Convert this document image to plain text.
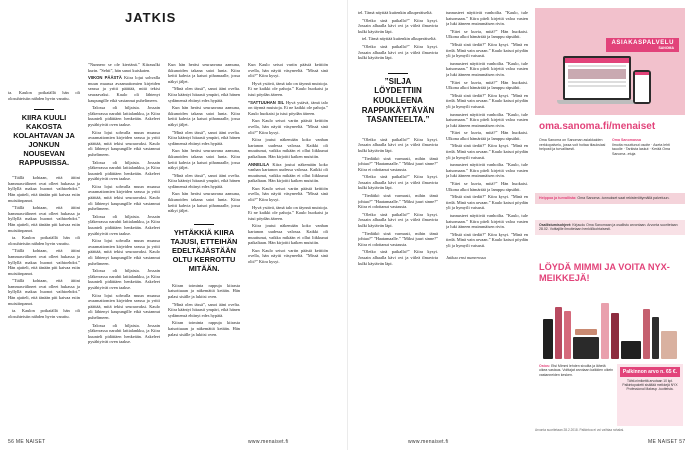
JATKIS

ta. Kaulon poikaiällä hän oli olosuhteisiin nähden hyvin varattu.

KIIRA KUULI KAKOSTA KOLAHTAVAN JA JONKUN NOUSEVAN RAPPUSISSA.

”Tiällä kohtaan, että äitini hammasvälineet ovat olleet hukassa ja hyllyllä makaa huonot vaihtoehdot.” Hän ajatteli, että tänään piti kaivaa esiin muistiinpanot.

”Tiällä kohtaan, että äitini hammasvälineet ovat olleet hukassa ja hyllyllä makaa huonot vaihtoehdot.” Hän ajatteli, että tänään piti kaivaa esiin muistiinpanot.

ta. Kaulon poikaiällä hän oli olosuhteisiin nähden hyvin varattu.

”Tiällä kohtaan, että äitini hammasvälineet ovat olleet hukassa ja hyllyllä makaa huonot vaihtoehdot.” Hän ajatteli, että tänään piti kaivaa esiin muistiinpanot.

”Tiällä kohtaan, että äitini hammasvälineet ovat olleet hukassa ja hyllyllä makaa huonot vaihtoehdot.” Hän ajatteli, että tänään piti kaivaa esiin muistiinpanot.

ta. Kaulon poikaiällä hän oli olosuhteisiin nähden hyvin varattu.

”Nunnero se ole kiertänä.” Kiirasulki kurin. ”Sehti”, hän sanoi kuiskaten.

VIIKON PÄÄSTÄ Kiira lojui sohvalla muun muassa avaamattomien kirjeiden seassa ja yritti päättää, mitä tekisi seuraavaksi. Kaulo oli lähtenyt kaupungille eikä vastannut puhelimeen.

Talossa oli hiljaista. Jossain yläkerrassa narahti lattialankku, ja Kiira kuunteli pidättäen henkeään. Askeleet pysähtyivät oven taakse.

Kiira lojui sohvalla muun muassa avaamattomien kirjeiden seassa ja yritti päättää, mitä tekisi seuraavaksi. Kaulo oli lähtenyt kaupungille eikä vastannut puhelimeen.

Talossa oli hiljaista. Jossain yläkerrassa narahti lattialankku, ja Kiira kuunteli pidättäen henkeään. Askeleet pysähtyivät oven taakse.

Kiira lojui sohvalla muun muassa avaamattomien kirjeiden seassa ja yritti päättää, mitä tekisi seuraavaksi. Kaulo oli lähtenyt kaupungille eikä vastannut puhelimeen.

Talossa oli hiljaista. Jossain yläkerrassa narahti lattialankku, ja Kiira kuunteli pidättäen henkeään. Askeleet pysähtyivät oven taakse.

Kiira lojui sohvalla muun muassa avaamattomien kirjeiden seassa ja yritti päättää, mitä tekisi seuraavaksi. Kaulo oli lähtenyt kaupungille eikä vastannut puhelimeen.

Talossa oli hiljaista. Jossain yläkerrassa narahti lattialankku, ja Kiira kuunteli pidättäen henkeään. Askeleet pysähtyivät oven taakse.

Kiira lojui sohvalla muun muassa avaamattomien kirjeiden seassa ja yritti päättää, mitä tekisi seuraavaksi. Kaulo oli lähtenyt kaupungille eikä vastannut puhelimeen.

Talossa oli hiljaista. Jossain yläkerrassa narahti lattialankku, ja Kiira kuunteli pidättäen henkeään. Askeleet pysähtyivät oven taakse.

Kun hän heräsi seuraavana aamuna, ikkunoiden takana satoi lunta. Kiira keitti kahvia ja katsoi pihamaalle, jossa näkyi jäljet.

”Minä olen tässä”, sanoi ääni ovelta. Kiira kääntyi hitaasti ympäri, eikä hänen sydämensä ehtinyt edes hypätä.

Kun hän heräsi seuraavana aamuna, ikkunoiden takana satoi lunta. Kiira keitti kahvia ja katsoi pihamaalle, jossa näkyi jäljet.

”Minä olen tässä”, sanoi ääni ovelta. Kiira kääntyi hitaasti ympäri, eikä hänen sydämensä ehtinyt edes hypätä.

Kun hän heräsi seuraavana aamuna, ikkunoiden takana satoi lunta. Kiira keitti kahvia ja katsoi pihamaalle, jossa näkyi jäljet.

”Minä olen tässä”, sanoi ääni ovelta. Kiira kääntyi hitaasti ympäri, eikä hänen sydämensä ehtinyt edes hypätä.

Kun hän heräsi seuraavana aamuna, ikkunoiden takana satoi lunta. Kiira keitti kahvia ja katsoi pihamaalle, jossa näkyi jäljet.

YHTÄKKIÄ KIIRA TAJUSI, ETTEIHÄN EDELTÄJÄSTÄÄN OLTU KERROTTU MITÄÄN.

Kiiran toiminta rappuja kiirasta katsottuaan ja näkemättä ketään. Hän palasi sisälle ja lukitsi oven.

”Minä olen tässä”, sanoi ääni ovelta. Kiira kääntyi hitaasti ympäri, eikä hänen sydämensä ehtinyt edes hypätä.

Kiiran toiminta rappuja kiirasta katsottuaan ja näkemättä ketään. Hän palasi sisälle ja lukitsi oven.

Kun Kaulo seisoi vartin päästä keittiön ovella, hän näytti väsyneeltä. ”Missä sinä olit?” Kiira kysyi.

Hyvä ystävä, tämä talo on täynnä muistoja. Ei ne kaikki ole pahoja.” Kaulo huokaisi ja istui pöydän ääreen.

”SATTUUHAN SIL Hyvä ystävä, tämä talo on täynnä muistoja. Ei ne kaikki ole pahoja.” Kaulo huokaisi ja istui pöydän ääreen.

Kun Kaulo seisoi vartin päästä keittiön ovella, hän näytti väsyneeltä. ”Missä sinä olit?” Kiira kysyi.

Kiira joutui näkemään koko vanhan kartanon uudessa valossa. Kaikki oli muuttunut, vaikka mikään ei ollut liikkunut paikaltaan. Hän kirjoitti kaiken muistiin.

ANNELILA Kiira joutui näkemään koko vanhan kartanon uudessa valossa. Kaikki oli muuttunut, vaikka mikään ei ollut liikkunut paikaltaan. Hän kirjoitti kaiken muistiin.

Kun Kaulo seisoi vartin päästä keittiön ovella, hän näytti väsyneeltä. ”Missä sinä olit?” Kiira kysyi.

Hyvä ystävä, tämä talo on täynnä muistoja. Ei ne kaikki ole pahoja.” Kaulo huokaisi ja istui pöydän ääreen.

Kiira joutui näkemään koko vanhan kartanon uudessa valossa. Kaikki oli muuttunut, vaikka mikään ei ollut liikkunut paikaltaan. Hän kirjoitti kaiken muistiin.

Kun Kaulo seisoi vartin päästä keittiön ovella, hän näytti väsyneeltä. ”Missä sinä olit?” Kiira kysyi.

56 ME NAISET	www.menaiset.fi

tel. Tämä näyttää kuitenkin alkuperäiseltä.

”Oletko sinä paikalla?” Kiira kysyi. Jossain alhaalla kävi ovi ja viileä ilmavirta kulki käytävän läpi.

tel. Tämä näyttää kuitenkin alkuperäiseltä.

”Oletko sinä paikalla?” Kiira kysyi. Jossain alhaalla kävi ovi ja viileä ilmavirta kulki käytävän läpi.

”SILJA LÖYDETTIIN KUOLLEENA RAPPUKÄYTÄVÄN TASANTEELTA.”

”Oletko sinä paikalla?” Kiira kysyi. Jossain alhaalla kävi ovi ja viileä ilmavirta kulki käytävän läpi.

”Tiedätkö sinä varmasti, mihin tämä johtaa?” ”Haatamaalle.” ”Miksi juuri sinne?” Kiira ei odottanut vastausta.

”Oletko sinä paikalla?” Kiira kysyi. Jossain alhaalla kävi ovi ja viileä ilmavirta kulki käytävän läpi.

”Tiedätkö sinä varmasti, mihin tämä johtaa?” ”Haatamaalle.” ”Miksi juuri sinne?” Kiira ei odottanut vastausta.

”Oletko sinä paikalla?” Kiira kysyi. Jossain alhaalla kävi ovi ja viileä ilmavirta kulki käytävän läpi.

”Tiedätkö sinä varmasti, mihin tämä johtaa?” ”Haatamaalle.” ”Miksi juuri sinne?” Kiira ei odottanut vastausta.

”Oletko sinä paikalla?” Kiira kysyi. Jossain alhaalla kävi ovi ja viileä ilmavirta kulki käytävän läpi.

tunnusteet näyttivät vanhoilta. ”Kaulo, tule katsomaan.” Kiira piteli kirjettä valoa vasten ja luki ääneen ensimmäisen rivin.

”Ettei se kuvia, mitä?” Hän huokaisi. Ulkona alkoi hämärtää ja lamppu räpsähti.

”Mistä sinä tiedät?” Kiira kysyi. ”Minä en tiedä. Minä vain arvaan.” Kaulo katsoi pöydän yli ja hymyili vaisusti.

tunnusteet näyttivät vanhoilta. ”Kaulo, tule katsomaan.” Kiira piteli kirjettä valoa vasten ja luki ääneen ensimmäisen rivin.

”Ettei se kuvia, mitä?” Hän huokaisi. Ulkona alkoi hämärtää ja lamppu räpsähti.

”Mistä sinä tiedät?” Kiira kysyi. ”Minä en tiedä. Minä vain arvaan.” Kaulo katsoi pöydän yli ja hymyili vaisusti.

tunnusteet näyttivät vanhoilta. ”Kaulo, tule katsomaan.” Kiira piteli kirjettä valoa vasten ja luki ääneen ensimmäisen rivin.

”Ettei se kuvia, mitä?” Hän huokaisi. Ulkona alkoi hämärtää ja lamppu räpsähti.

”Mistä sinä tiedät?” Kiira kysyi. ”Minä en tiedä. Minä vain arvaan.” Kaulo katsoi pöydän yli ja hymyili vaisusti.

tunnusteet näyttivät vanhoilta. ”Kaulo, tule katsomaan.” Kiira piteli kirjettä valoa vasten ja luki ääneen ensimmäisen rivin.

”Ettei se kuvia, mitä?” Hän huokaisi. Ulkona alkoi hämärtää ja lamppu räpsähti.

”Mistä sinä tiedät?” Kiira kysyi. ”Minä en tiedä. Minä vain arvaan.” Kaulo katsoi pöydän yli ja hymyili vaisusti.

tunnusteet näyttivät vanhoilta. ”Kaulo, tule katsomaan.” Kiira piteli kirjettä valoa vasten ja luki ääneen ensimmäisen rivin.

”Mistä sinä tiedät?” Kiira kysyi. ”Minä en tiedä. Minä vain arvaan.” Kaulo katsoi pöydän yli ja hymyili vaisusti.

Jatkuu ensi numerossa

www.menaiset.fi	ME NAISET 57
ASIAKASPALVELU
SANOMA
oma.sanoma.fi/menaiset
Oma Sanoma on Sanoman asiakkaiden verkkopalvelu, jossa voit hoitaa tilauksiasi helposti ja turvallisesti.
Oma Sanomassa
Ilmoita muuttunut osoite · Aseta lehti tauolle · Tarkista laskut · Kerää Oma Sanoma -etuja
Helppoa ja turvallista: Oma Sanoma -tunnukset saat rekisteröitymällä palveluun.
Osallistumisohjeet: Kirjaudu Oma Sanomaan ja osallistu arvontaan. Arvonta suoritetaan 28.02. Voittajille ilmoitetaan henkilökohtaisesti.
LÖYDÄ MIMMI JA VOITA NYX-MEIKKEJÄ!
Ostos: Etsi Mimmi lehden sivuilta ja lähetä oikea vastaus. Voittajat arvotaan kaikkien oikein vastanneiden kesken.	Palkinnon arvo n. 65 €.
Tähti-nimikettä arvotaan 10 kpl. Palkintopaketti sisältää meikkejä NYX Professional Makeup -tuotteista.
Arvonta suoritetaan 28.2.2018. Palkintoa ei voi vaihtaa rahaksi.
